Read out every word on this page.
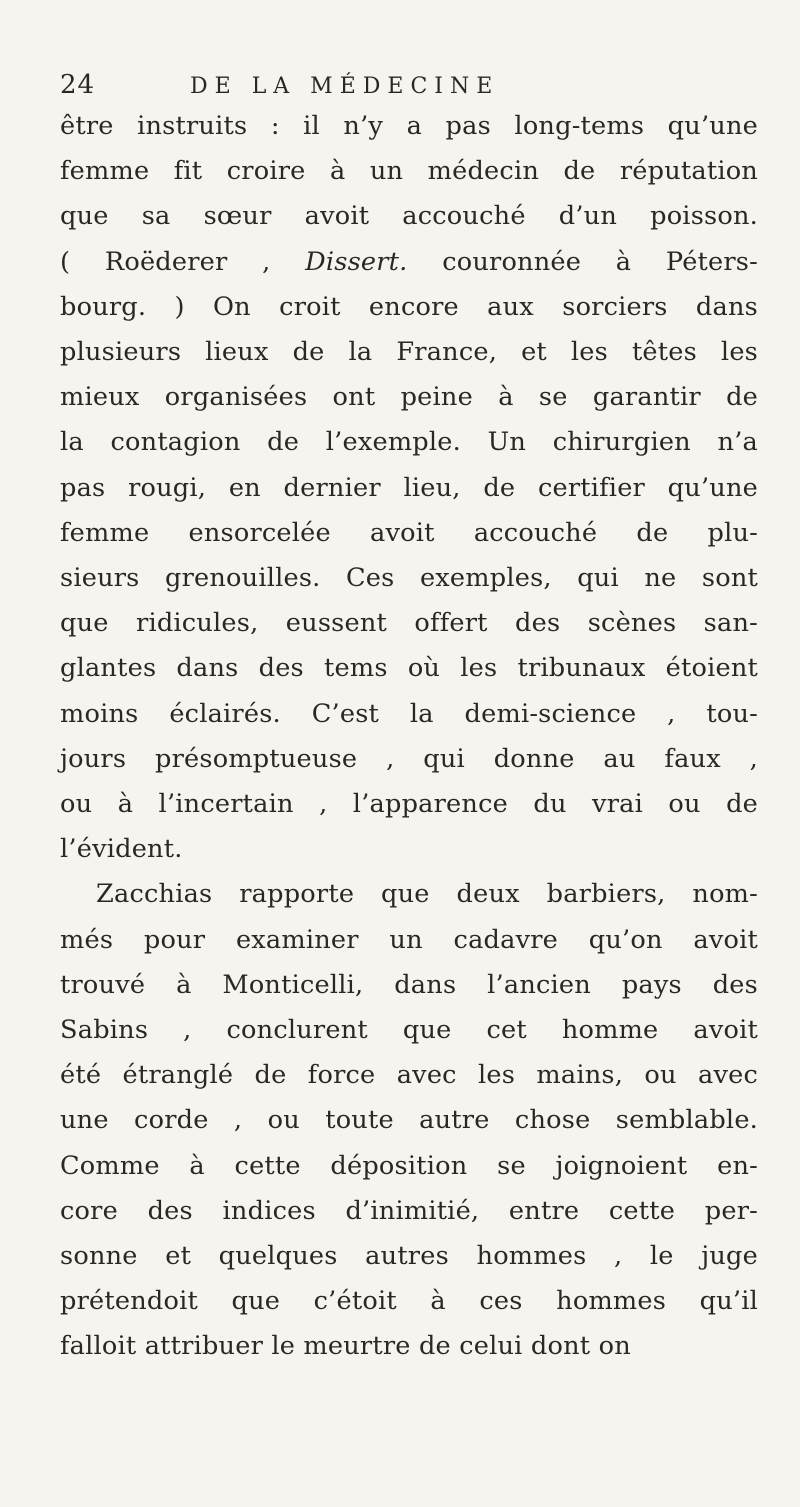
24	DE LA MÉDECINE

être instruits : il n’y a pas long-tems qu’une
femme fit croire à un médecin de réputation
que sa sœur avoit accouché d’un poisson.
( Roëderer , Dissert. couronnée à Péters-
bourg. ) On croit encore aux sorciers dans
plusieurs lieux de la France, et les têtes les
mieux organisées ont peine à se garantir de
la contagion de l’exemple. Un chirurgien n’a
pas rougi, en dernier lieu, de certifier qu’une
femme ensorcelée avoit accouché de plu-
sieurs grenouilles. Ces exemples, qui ne sont
que ridicules, eussent offert des scènes san-
glantes dans des tems où les tribunaux étoient
moins éclairés. C’est la demi-science , tou-
jours présomptueuse , qui donne au faux ,
ou à l’incertain , l’apparence du vrai ou de
l’évident.

Zacchias rapporte que deux barbiers, nom-
més pour examiner un cadavre qu’on avoit
trouvé à Monticelli, dans l’ancien pays des
Sabins , conclurent que cet homme avoit
été étranglé de force avec les mains, ou avec
une corde , ou toute autre chose semblable.
Comme à cette déposition se joignoient en-
core des indices d’inimitié, entre cette per-
sonne et quelques autres hommes , le juge
prétendoit que c’étoit à ces hommes qu’il
falloit attribuer le meurtre de celui dont on
